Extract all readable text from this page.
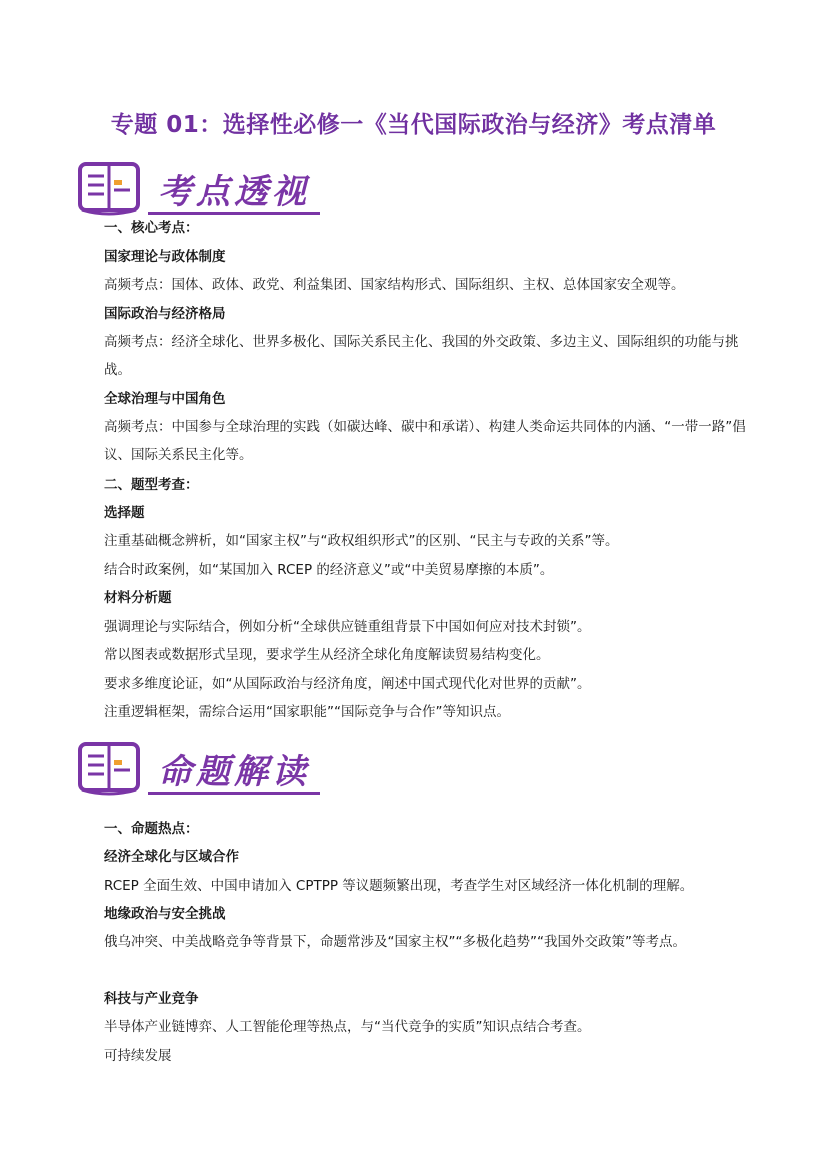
专题 01：选择性必修一《当代国际政治与经济》考点清单
考点透视
一、核心考点：
国家理论与政体制度
高频考点：国体、政体、政党、利益集团、国家结构形式、国际组织、主权、总体国家安全观等。
国际政治与经济格局
高频考点：经济全球化、世界多极化、国际关系民主化、我国的外交政策、多边主义、国际组织的功能与挑战。
全球治理与中国角色
高频考点：中国参与全球治理的实践（如碳达峰、碳中和承诺）、构建人类命运共同体的内涵、“一带一路”倡议、国际关系民主化等。
二、题型考查：
选择题
注重基础概念辨析，如“国家主权”与“政权组织形式”的区别、“民主与专政的关系”等。
结合时政案例，如“某国加入 RCEP 的经济意义”或“中美贸易摩擦的本质”。
材料分析题
强调理论与实际结合，例如分析“全球供应链重组背景下中国如何应对技术封锁”。
常以图表或数据形式呈现，要求学生从经济全球化角度解读贸易结构变化。
要求多维度论证，如“从国际政治与经济角度，阐述中国式现代化对世界的贡献”。
注重逻辑框架，需综合运用“国家职能”“国际竞争与合作”等知识点。
命题解读
一、命题热点：
经济全球化与区域合作
RCEP 全面生效、中国申请加入 CPTPP 等议题频繁出现，考查学生对区域经济一体化机制的理解。
地缘政治与安全挑战
俄乌冲突、中美战略竞争等背景下，命题常涉及“国家主权”“多极化趋势”“我国外交政策”等考点。
科技与产业竞争
半导体产业链博弈、人工智能伦理等热点，与“当代竞争的实质”知识点结合考查。
可持续发展
